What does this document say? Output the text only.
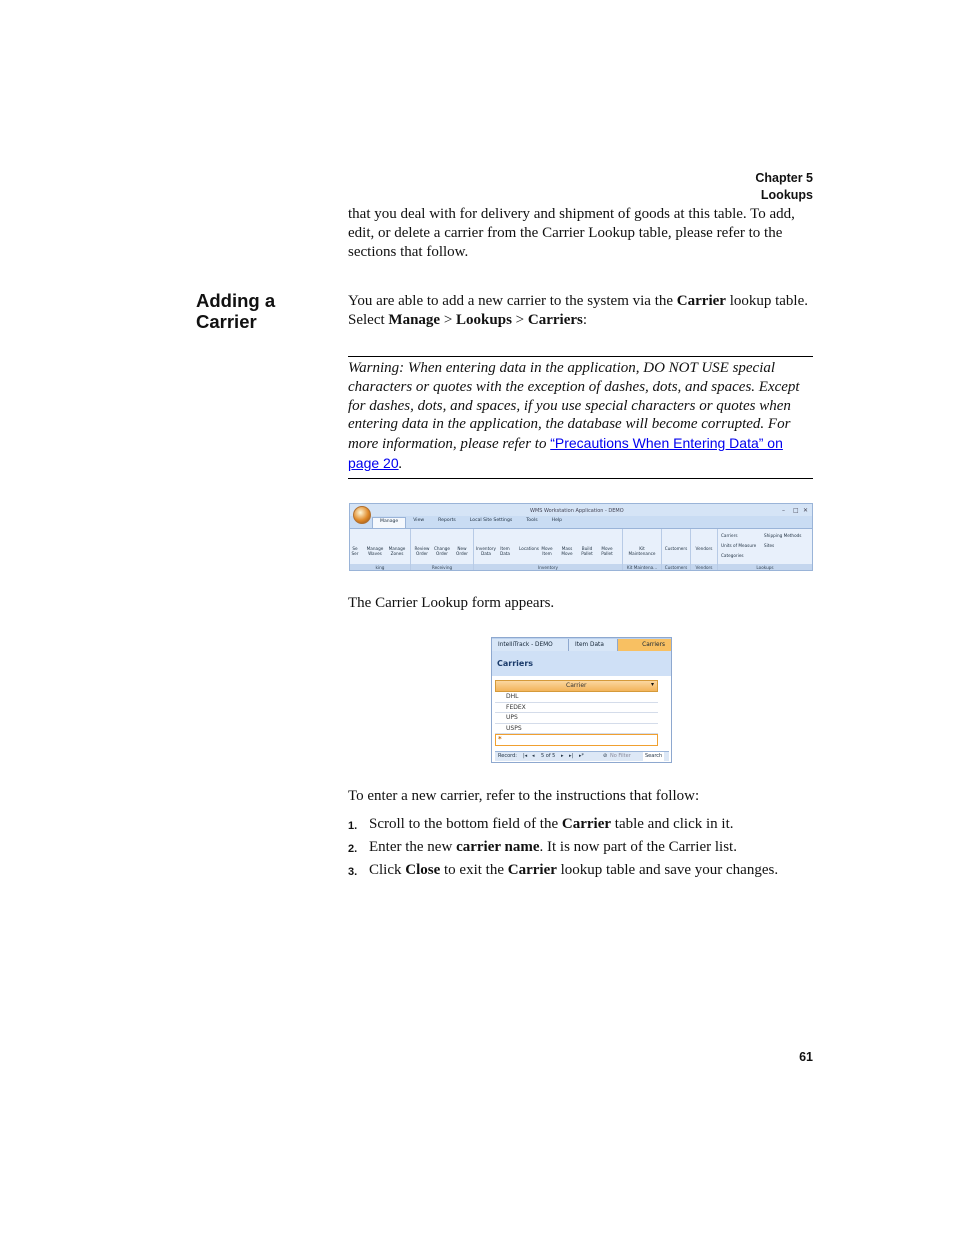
Chapter 5
Lookups

that you deal with for delivery and shipment of goods at this table. To add, edit, or delete a carrier from the Carrier Lookup table, please refer to the sections that follow.

Adding a Carrier

You are able to add a new carrier to the system via the Carrier lookup table. Select Manage > Lookups > Carriers:

Warning: When entering data in the application, DO NOT USE special characters or quotes with the exception of dashes, dots, and spaces. Except for dashes, dots, and spaces, if you use special characters or quotes when entering data in the application, the database will become corrupted. For more information, please refer to “Precautions When Entering Data” on page 20.
WMS Workstation Application - DEMO	– □ ✕
Manage	View	Reports	Local Site Settings	Tools	Help
Se Ser
Manage Waves
Manage Zones
king
Review Order
Change Order
New Order
Receiving
Inventory Data
Item Data
Locations Move Item
Mass Move
Build Pallet
Move Pallet
Inventory
Kit Maintenance
Kit Maintena...
Customers
Customers
Vendors
Vendors
Carriers	Shipping Methods
Units of Measure Sites
Categories
Lookups

The Carrier Lookup form appears.

IntelliTrack - DEMO	Item Data	Carriers
Carriers
Carrier	▾
DHL
FEDEX
UPS
USPS
*
Record: |◂ ◂ 5 of 5 ▸ ▸| ▸*	⊘ No Filter	Search

To enter a new carrier, refer to the instructions that follow:

1. Scroll to the bottom field of the Carrier table and click in it.
2. Enter the new carrier name. It is now part of the Carrier list.
3. Click Close to exit the Carrier lookup table and save your changes.
61
